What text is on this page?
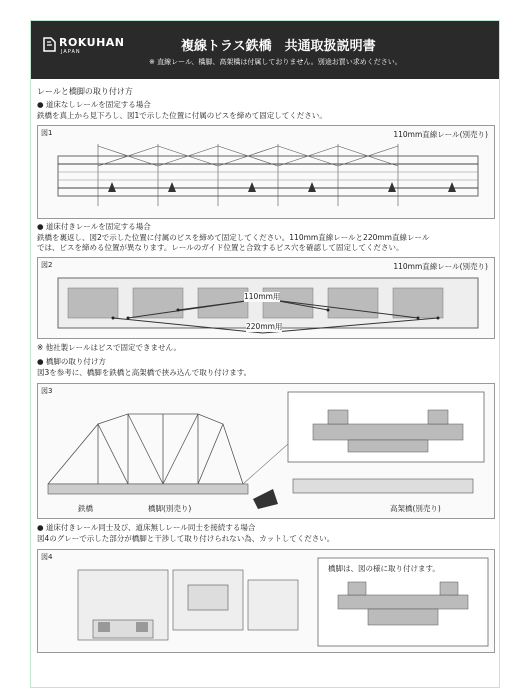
ROKUHAN
JAPAN	複線トラス鉄橋　共通取扱説明書
※ 直線レール、橋脚、高架橋は付属しておりません。別途お買い求めください。
レールと橋脚の取り付け方
● 道床なしレールを固定する場合
鉄橋を真上から見下ろし、図1で示した位置に付属のビスを締めて固定してください。
図1	110mm直線レール(別売り)
● 道床付きレールを固定する場合
鉄橋を裏返し、図2で示した位置に付属のビスを締めて固定してください。110mm直線レールと220mm直線レール
では、ビスを締める位置が異なります。レールのガイド位置と合致するビス穴を確認して固定してください。
図2	110mm直線レール(別売り)
110mm用
220mm用
※ 他社製レールはビスで固定できません。
● 橋脚の取り付け方
図3を参考に、橋脚を鉄橋と高架橋で挟み込んで取り付けます。
図3
鉄橋	橋脚(別売り)	高架橋(別売り)
● 道床付きレール同士及び、道床無しレール同士を接続する場合
図4のグレーで示した部分が橋脚と干渉して取り付けられない為、カットしてください。
図4
橋脚は、図の様に取り付けます。
